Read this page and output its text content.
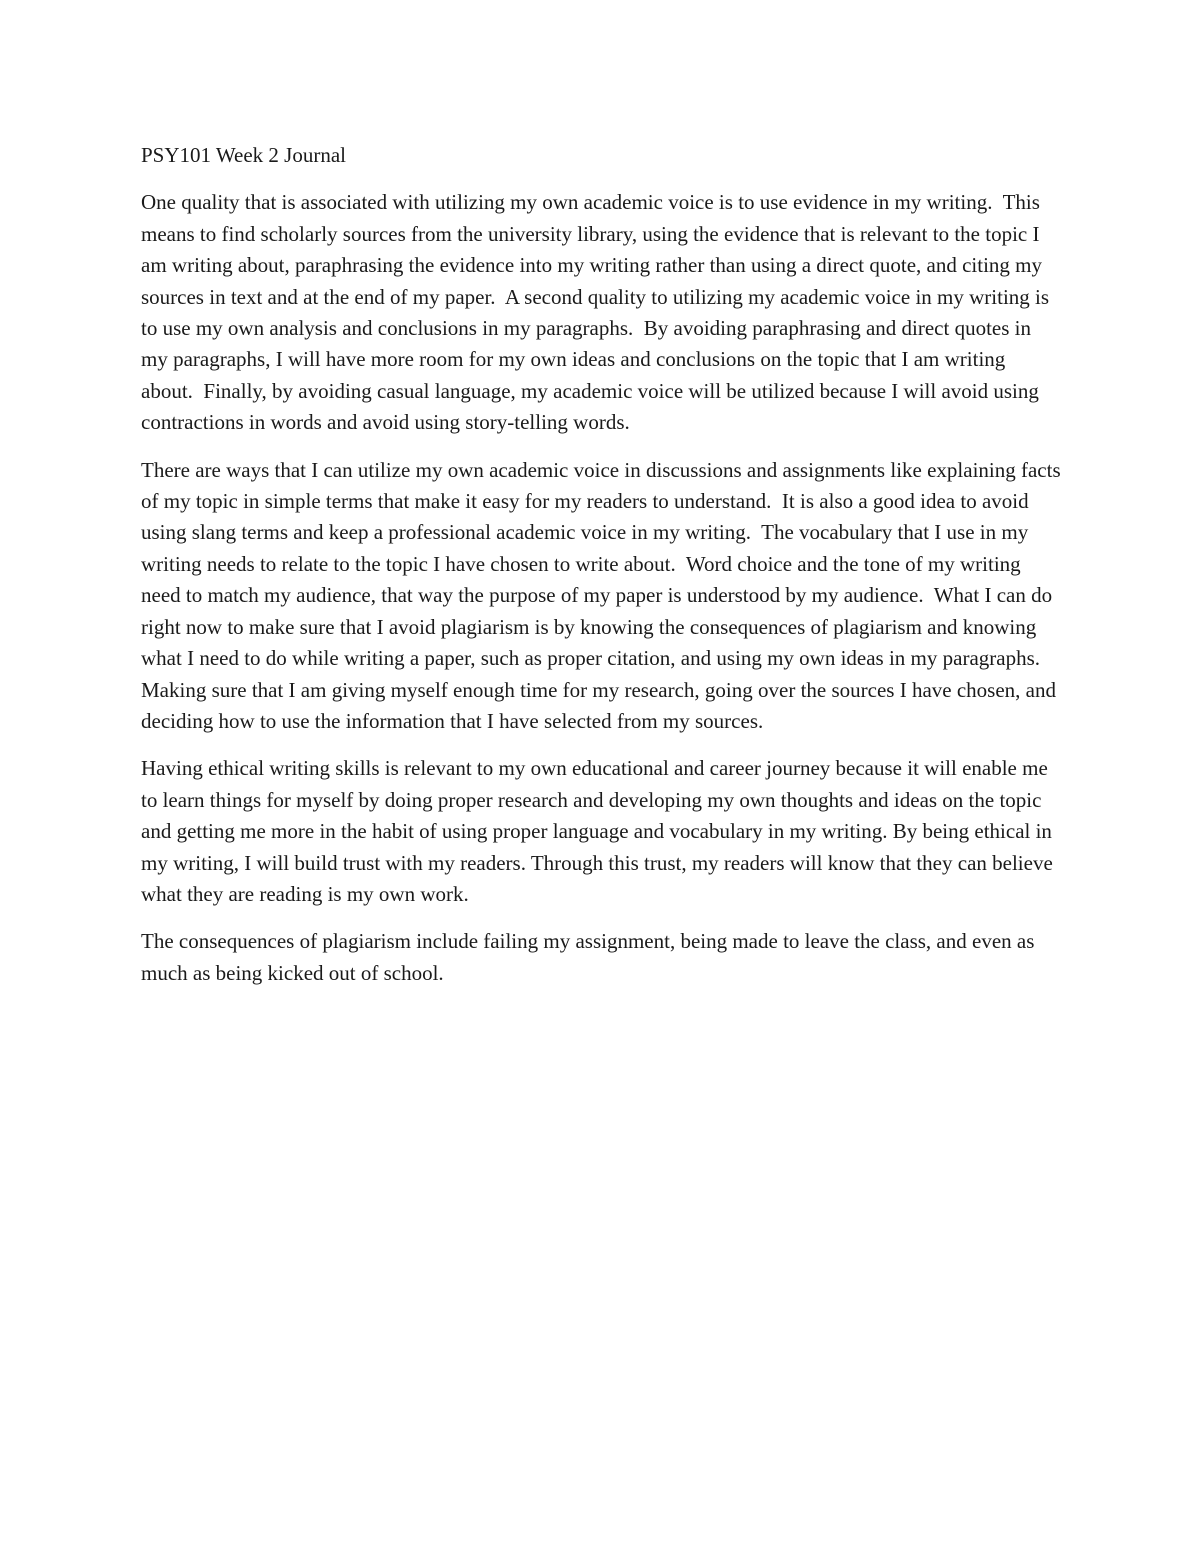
PSY101 Week 2 Journal

One quality that is associated with utilizing my own academic voice is to use evidence in my writing.  This means to find scholarly sources from the university library, using the evidence that is relevant to the topic I am writing about, paraphrasing the evidence into my writing rather than using a direct quote, and citing my sources in text and at the end of my paper.  A second quality to utilizing my academic voice in my writing is to use my own analysis and conclusions in my paragraphs.  By avoiding paraphrasing and direct quotes in my paragraphs, I will have more room for my own ideas and conclusions on the topic that I am writing about.  Finally, by avoiding casual language, my academic voice will be utilized because I will avoid using contractions in words and avoid using story-telling words.

There are ways that I can utilize my own academic voice in discussions and assignments like explaining facts of my topic in simple terms that make it easy for my readers to understand.  It is also a good idea to avoid using slang terms and keep a professional academic voice in my writing.  The vocabulary that I use in my writing needs to relate to the topic I have chosen to write about.  Word choice and the tone of my writing need to match my audience, that way the purpose of my paper is understood by my audience.  What I can do right now to make sure that I avoid plagiarism is by knowing the consequences of plagiarism and knowing what I need to do while writing a paper, such as proper citation, and using my own ideas in my paragraphs.  Making sure that I am giving myself enough time for my research, going over the sources I have chosen, and deciding how to use the information that I have selected from my sources.

Having ethical writing skills is relevant to my own educational and career journey because it will enable me to learn things for myself by doing proper research and developing my own thoughts and ideas on the topic and getting me more in the habit of using proper language and vocabulary in my writing. By being ethical in my writing, I will build trust with my readers. Through this trust, my readers will know that they can believe what they are reading is my own work.

The consequences of plagiarism include failing my assignment, being made to leave the class, and even as much as being kicked out of school.
